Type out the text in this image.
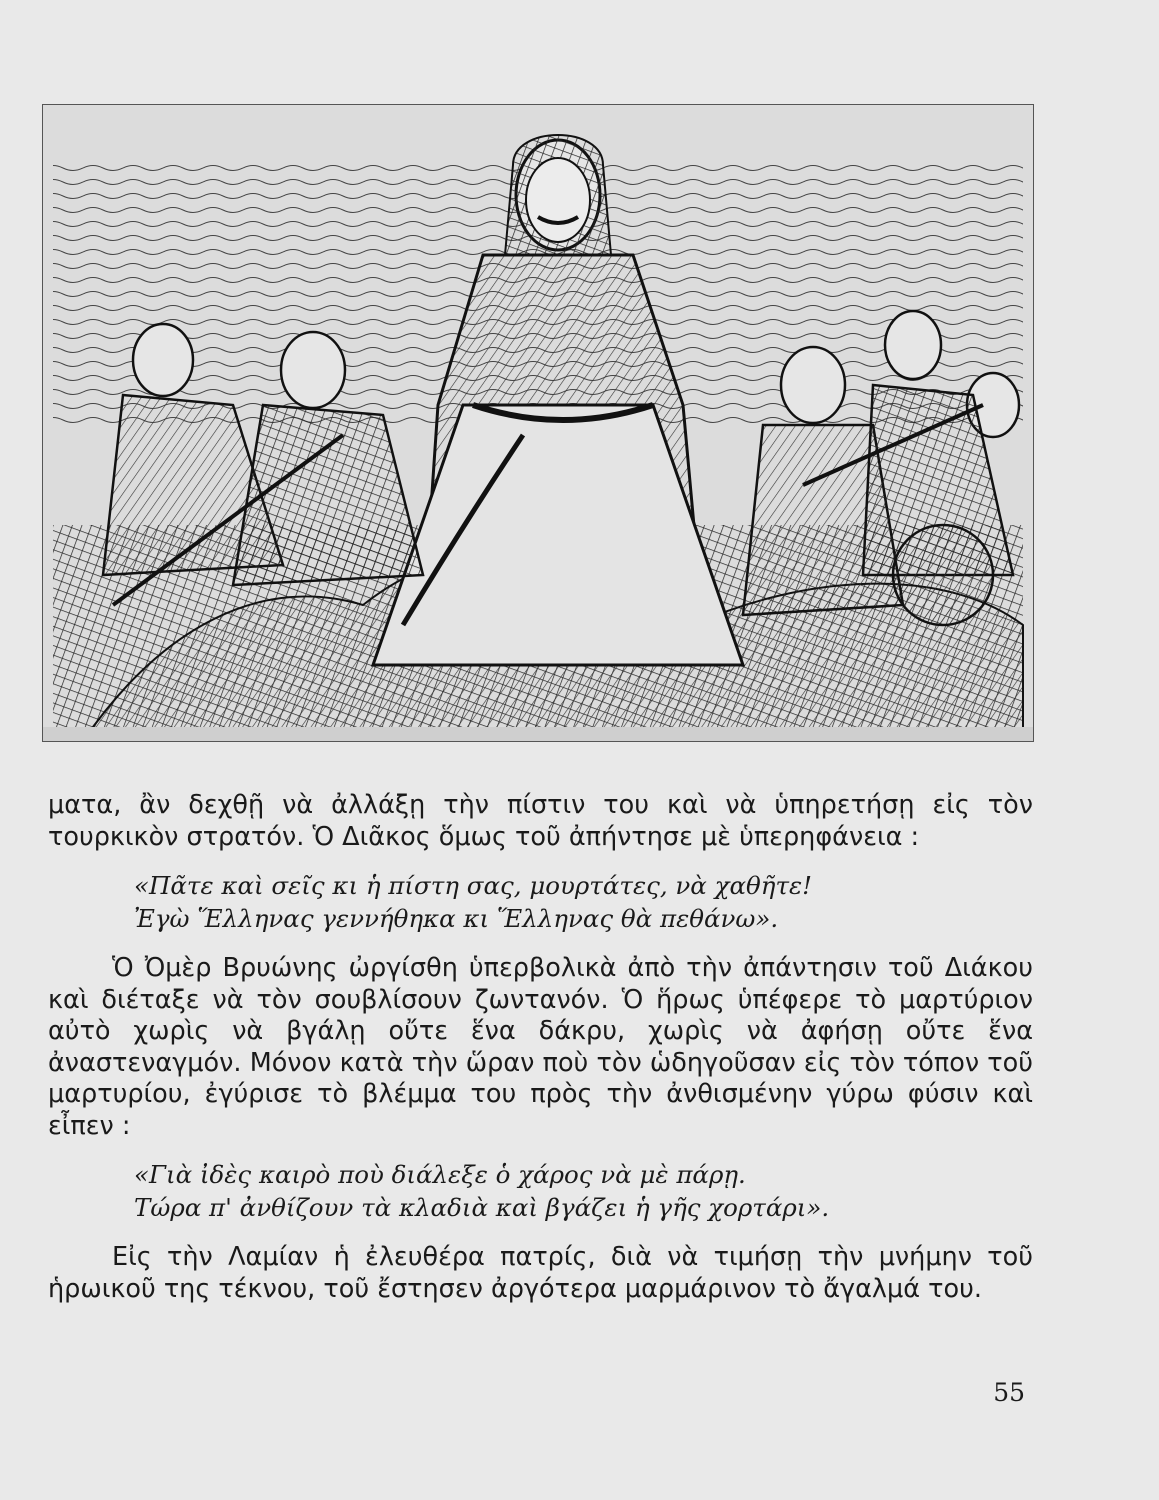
ματα, ἂν δεχθῇ νὰ ἀλλάξῃ τὴν πίστιν του καὶ νὰ ὑπηρετήσῃ εἰς τὸν τουρκικὸν στρατόν. Ὁ Διᾶκος ὅμως τοῦ ἀπήντησε μὲ ὑπερηφάνεια :

«Πᾶτε καὶ σεῖς κι ἡ πίστη σας, μουρτάτες, νὰ χαθῆτε!
Ἐγὼ Ἕλληνας γεννήθηκα κι Ἕλληνας θὰ πεθάνω».

Ὁ Ὀμὲρ Βρυώνης ὠργίσθη ὑπερβολικὰ ἀπὸ τὴν ἀπάντησιν τοῦ Διάκου καὶ διέταξε νὰ τὸν σουβλίσουν ζωντανόν. Ὁ ἥρως ὑπέφερε τὸ μαρτύριον αὐτὸ χωρὶς νὰ βγάλῃ οὔτε ἕνα δάκρυ, χωρὶς νὰ ἀφήσῃ οὔτε ἕνα ἀναστεναγμόν. Μόνον κατὰ τὴν ὥραν ποὺ τὸν ὡδηγοῦσαν εἰς τὸν τόπον τοῦ μαρτυρίου, ἐγύρισε τὸ βλέμμα του πρὸς τὴν ἀνθισμένην γύρω φύσιν καὶ εἶπεν :

«Γιὰ ἰδὲς καιρὸ ποὺ διάλεξε ὁ χάρος νὰ μὲ πάρῃ.
Τώρα π' ἀνθίζουν τὰ κλαδιὰ καὶ βγάζει ἡ γῆς χορτάρι».

Εἰς τὴν Λαμίαν ἡ ἐλευθέρα πατρίς, διὰ νὰ τιμήσῃ τὴν μνήμην τοῦ ἡρωικοῦ της τέκνου, τοῦ ἔστησεν ἀργότερα μαρμάρινον τὸ ἄγαλμά του.

55
